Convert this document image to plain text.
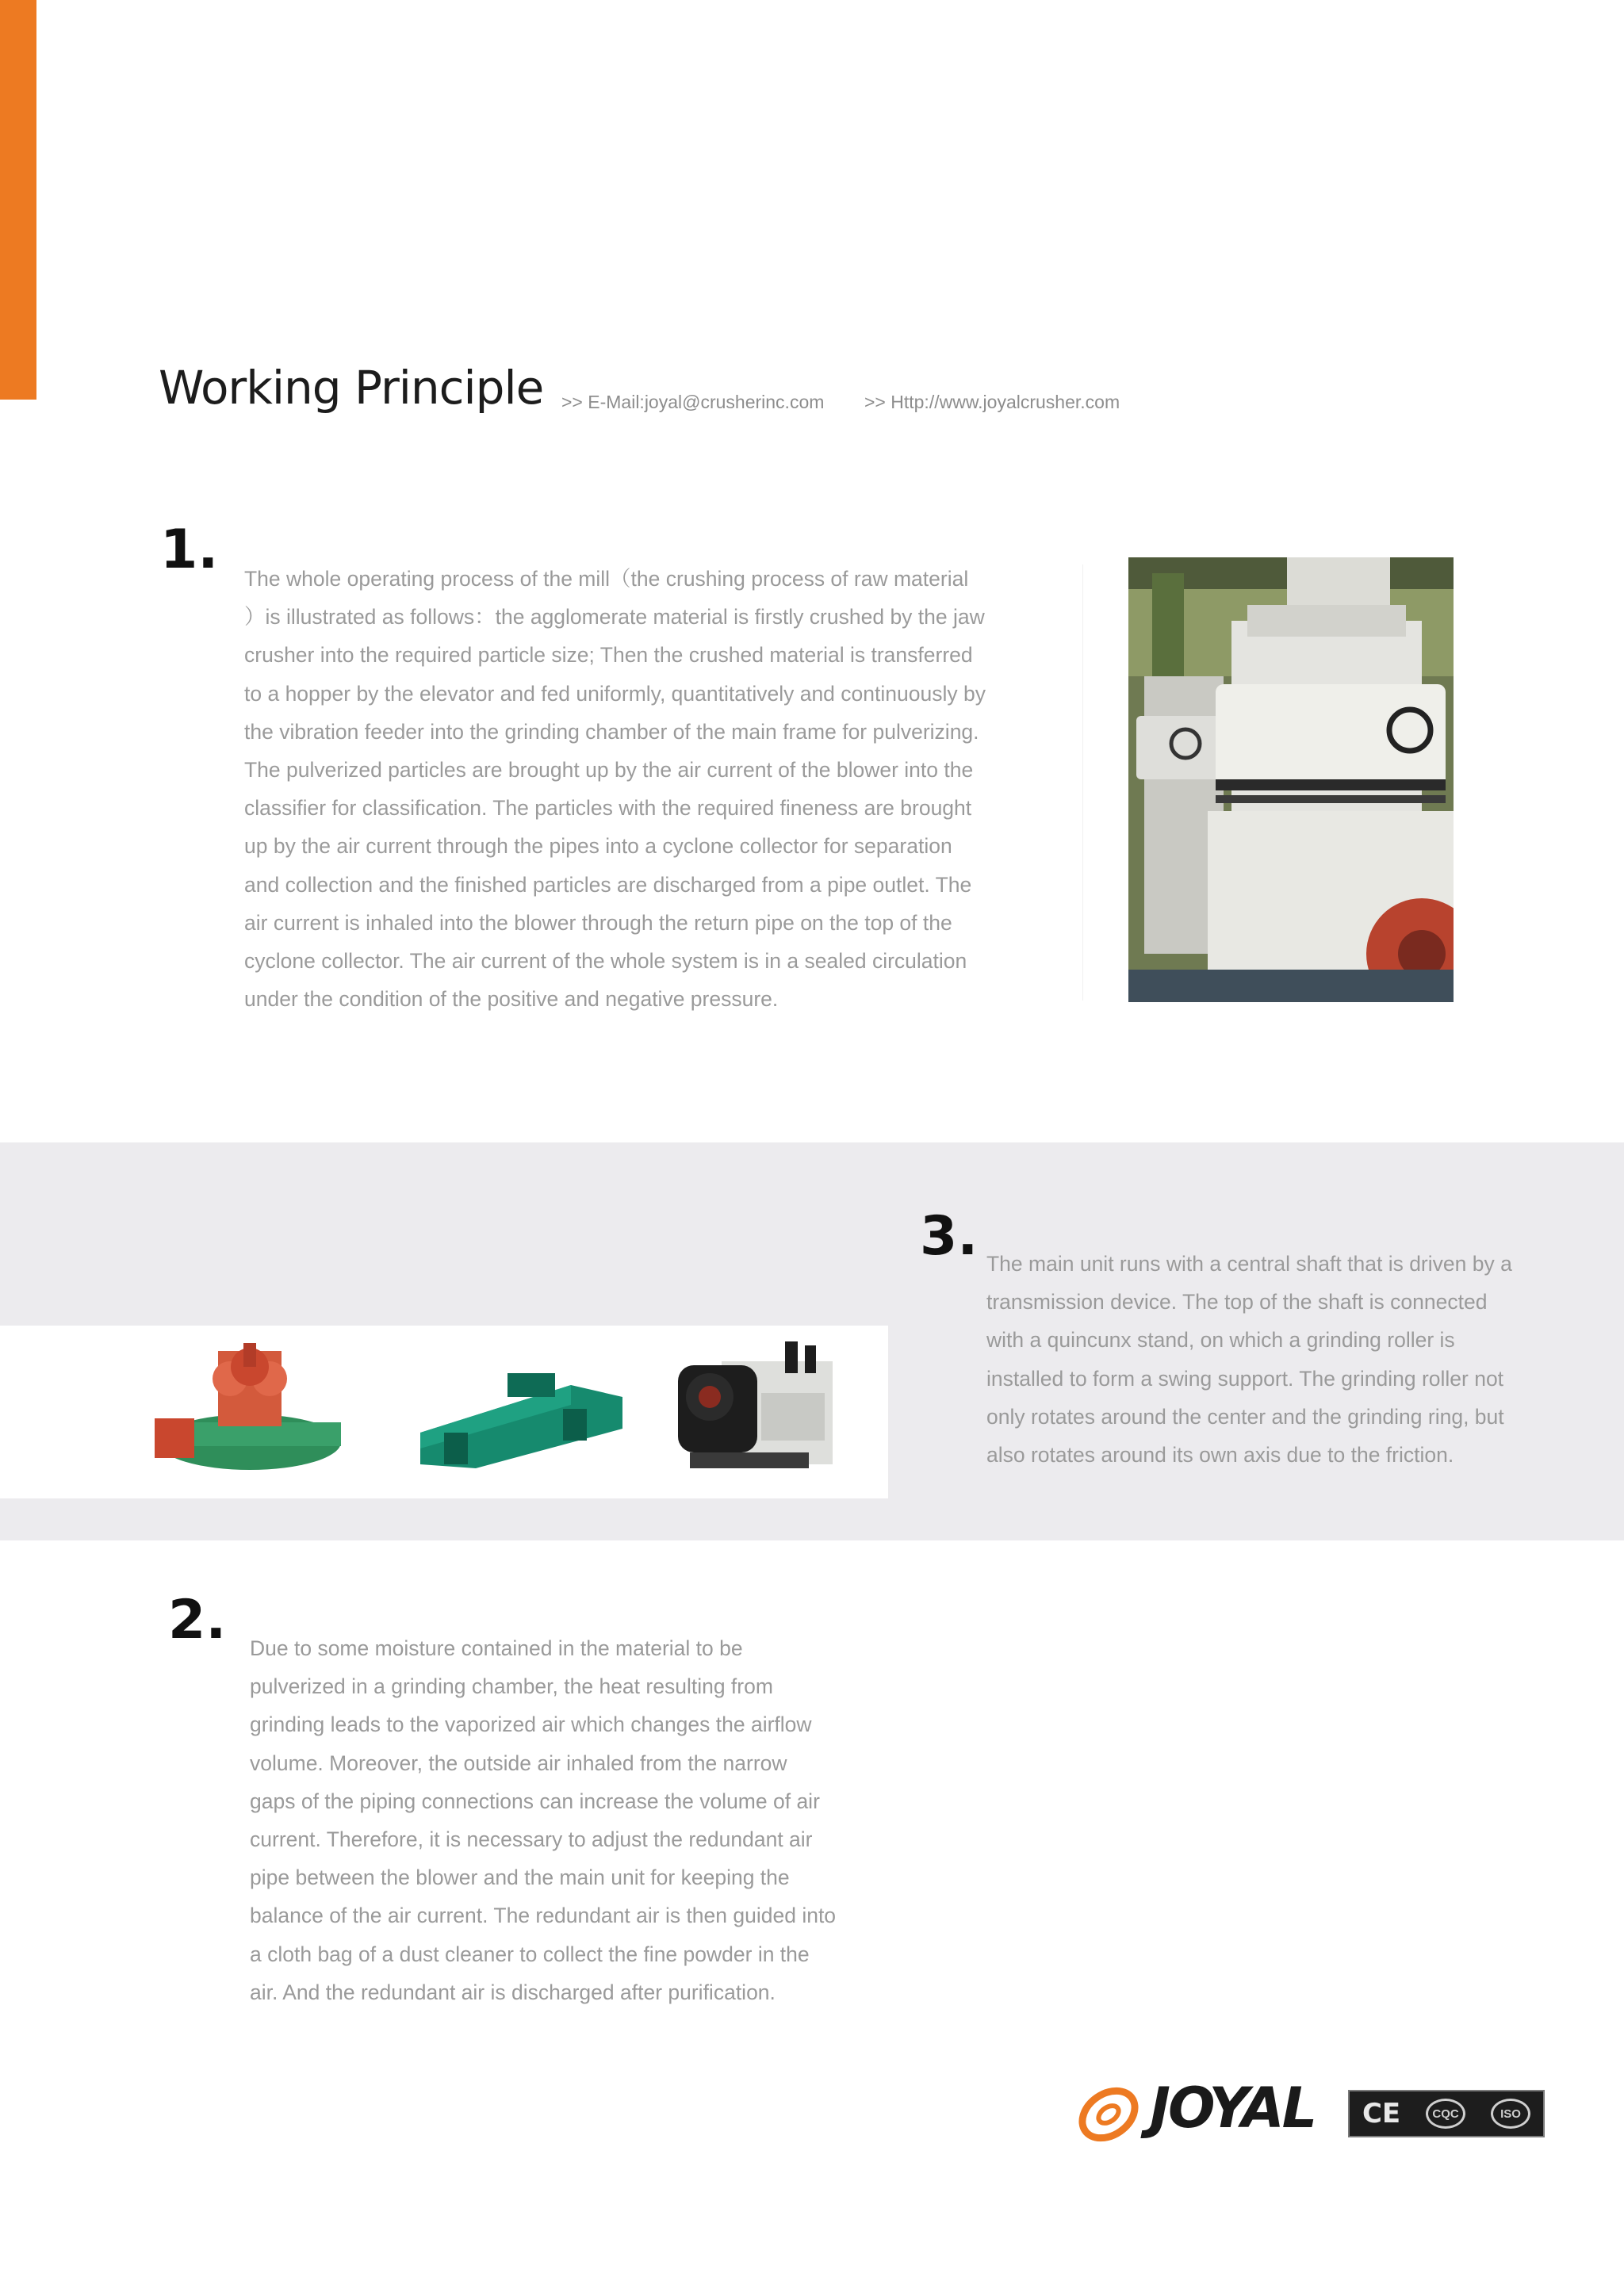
Working Principle >> E-Mail:joyal@crusherinc.com >> Http://www.joyalcrusher.com
1. The whole operating process of the mill（the crushing process of raw material
）is illustrated as follows：the agglomerate material is firstly crushed by the jaw
crusher into the required particle size; Then the crushed material is transferred
to a hopper by the elevator and fed uniformly, quantitatively and continuously by
the vibration feeder into the grinding chamber of the main frame for pulverizing.
The pulverized particles are brought up by the air current of the blower into the
classifier for classification. The particles with the required fineness are brought
up by the air current through the pipes into a cyclone collector for separation
and collection and the finished particles are discharged from a pipe outlet. The
air current is inhaled into the blower through the return pipe on the top of the
cyclone collector. The air current of the whole system is in a sealed circulation
under the condition of the positive and negative pressure.
3. The main unit runs with a central shaft that is driven by a
transmission device. The top of the shaft is connected
with a quincunx stand, on which a grinding roller is
installed to form a swing support. The grinding roller not
only rotates around the center and the grinding ring, but
also rotates around its own axis due to the friction.
2. Due to some moisture contained in the material to be
pulverized in a grinding chamber, the heat resulting from
grinding leads to the vaporized air which changes the airflow
volume. Moreover, the outside air inhaled from the narrow
gaps of the piping connections can increase the volume of air
current. Therefore, it is necessary to adjust the redundant air
pipe between the blower and the main unit for keeping the
balance of the air current. The redundant air is then guided into
a cloth bag of a dust cleaner to collect the fine powder in the
air. And the redundant air is discharged after purification.
JOYAL CE	CQC	ISO
